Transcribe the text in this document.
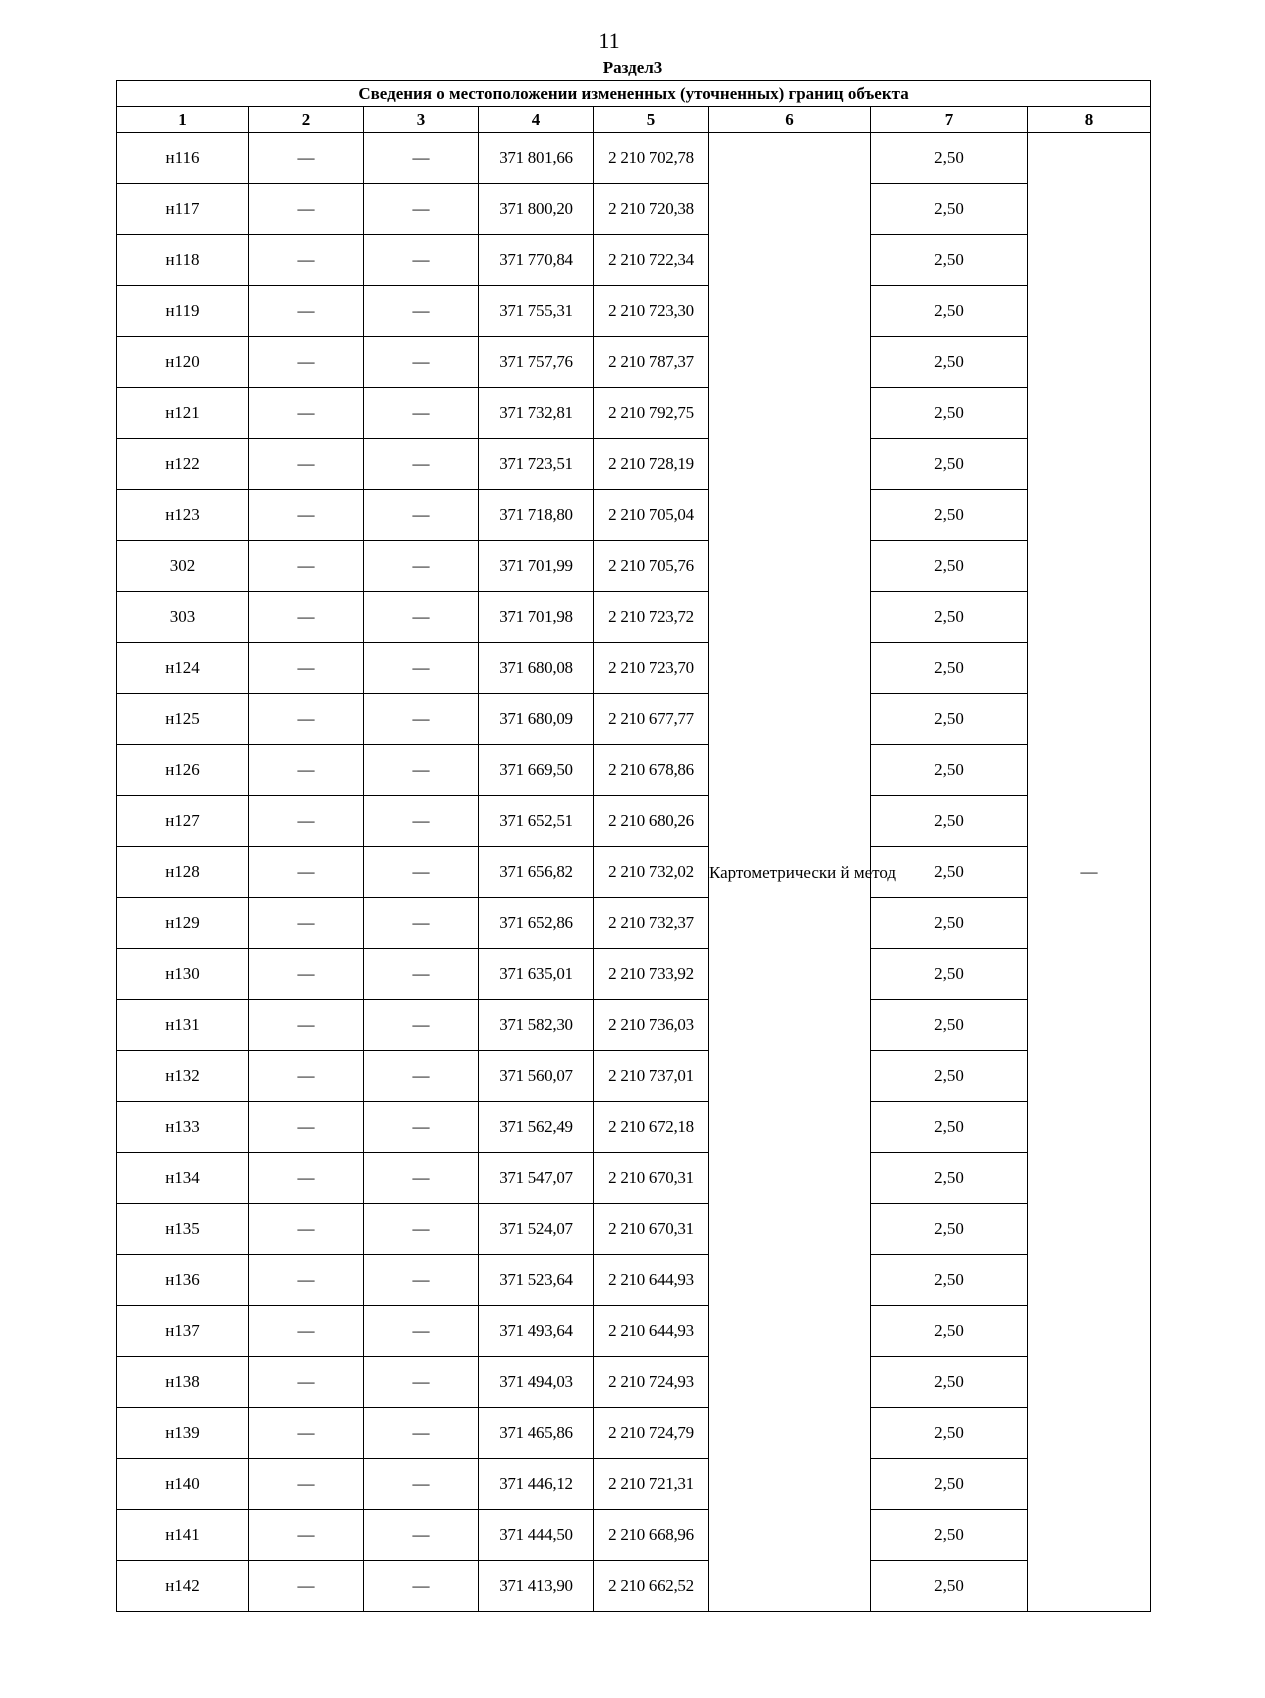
11
Раздел3
Сведения о местоположении измененных (уточненных) границ объекта							
1	2	3	4	5	6	7	8
н116	—	—	371 801,66	2 210 702,78	Картометрически й метод	2,50	—
н117	—	—	371 800,20	2 210 720,38		2,50	
н118	—	—	371 770,84	2 210 722,34		2,50	
н119	—	—	371 755,31	2 210 723,30		2,50	
н120	—	—	371 757,76	2 210 787,37		2,50	
н121	—	—	371 732,81	2 210 792,75		2,50	
н122	—	—	371 723,51	2 210 728,19		2,50	
н123	—	—	371 718,80	2 210 705,04		2,50	
302	—	—	371 701,99	2 210 705,76		2,50	
303	—	—	371 701,98	2 210 723,72		2,50	
н124	—	—	371 680,08	2 210 723,70		2,50	
н125	—	—	371 680,09	2 210 677,77		2,50	
н126	—	—	371 669,50	2 210 678,86		2,50	
н127	—	—	371 652,51	2 210 680,26		2,50	
н128	—	—	371 656,82	2 210 732,02		2,50	
н129	—	—	371 652,86	2 210 732,37		2,50	
н130	—	—	371 635,01	2 210 733,92		2,50	
н131	—	—	371 582,30	2 210 736,03		2,50	
н132	—	—	371 560,07	2 210 737,01		2,50	
н133	—	—	371 562,49	2 210 672,18		2,50	
н134	—	—	371 547,07	2 210 670,31		2,50	
н135	—	—	371 524,07	2 210 670,31		2,50	
н136	—	—	371 523,64	2 210 644,93		2,50	
н137	—	—	371 493,64	2 210 644,93		2,50	
н138	—	—	371 494,03	2 210 724,93		2,50	
н139	—	—	371 465,86	2 210 724,79		2,50	
н140	—	—	371 446,12	2 210 721,31		2,50	
н141	—	—	371 444,50	2 210 668,96		2,50	
н142	—	—	371 413,90	2 210 662,52		2,50	
